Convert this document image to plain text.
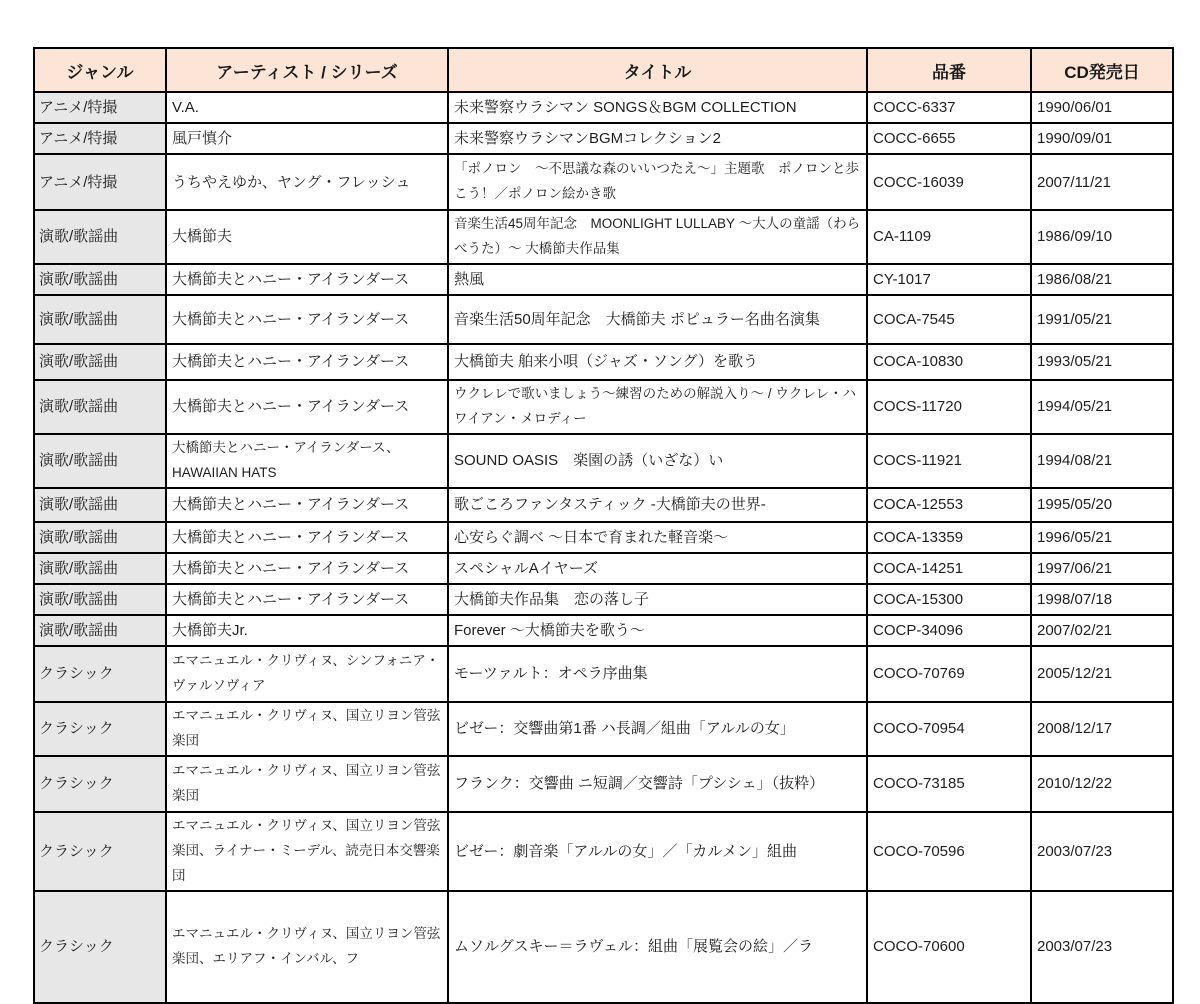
ジャンル	アーティスト / シリーズ	タイトル	品番	CD発売日
アニメ/特撮	V.A.	未来警察ウラシマン SONGS＆BGM COLLECTION	COCC-6337	1990/06/01
アニメ/特撮	風戸慎介	未来警察ウラシマンBGMコレクション2	COCC-6655	1990/09/01
アニメ/特撮	うちやえゆか、ヤング・フレッシュ	「ポノロン　～不思議な森のいいつたえ～」主題歌　ポノロンと歩こう！／ポノロン絵かき歌	COCC-16039	2007/11/21
演歌/歌謡曲	大橋節夫	音楽生活45周年記念　MOONLIGHT LULLABY ～大人の童謡（わらべうた）～ 大橋節夫作品集	CA-1109	1986/09/10
演歌/歌謡曲	大橋節夫とハニー・アイランダース	熱風	CY-1017	1986/08/21
演歌/歌謡曲	大橋節夫とハニー・アイランダース	音楽生活50周年記念　大橋節夫 ポピュラー名曲名演集	COCA-7545	1991/05/21
演歌/歌謡曲	大橋節夫とハニー・アイランダース	大橋節夫 舶来小唄（ジャズ・ソング）を歌う	COCA-10830	1993/05/21
演歌/歌謡曲	大橋節夫とハニー・アイランダース	ウクレレで歌いましょう～練習のための解説入り～ / ウクレレ・ハワイアン・メロディー	COCS-11720	1994/05/21
演歌/歌謡曲	大橋節夫とハニー・アイランダース、HAWAIIAN HATS	SOUND OASIS　楽園の誘（いざな）い	COCS-11921	1994/08/21
演歌/歌謡曲	大橋節夫とハニー・アイランダース	歌ごころファンタスティック -大橋節夫の世界-	COCA-12553	1995/05/20
演歌/歌謡曲	大橋節夫とハニー・アイランダース	心安らぐ調べ ～日本で育まれた軽音楽～	COCA-13359	1996/05/21
演歌/歌謡曲	大橋節夫とハニー・アイランダース	スペシャルAイヤーズ	COCA-14251	1997/06/21
演歌/歌謡曲	大橋節夫とハニー・アイランダース	大橋節夫作品集　恋の落し子	COCA-15300	1998/07/18
演歌/歌謡曲	大橋節夫Jr.	Forever ～大橋節夫を歌う～	COCP-34096	2007/02/21
クラシック	エマニュエル・クリヴィヌ、シンフォニア・ヴァルソヴィア	モーツァルト：オペラ序曲集	COCO-70769	2005/12/21
クラシック	エマニュエル・クリヴィヌ、国立リヨン管弦楽団	ビゼー：交響曲第1番 ハ長調／組曲「アルルの女」	COCO-70954	2008/12/17
クラシック	エマニュエル・クリヴィヌ、国立リヨン管弦楽団	フランク：交響曲 ニ短調／交響詩「プシシェ」（抜粋）	COCO-73185	2010/12/22
クラシック	エマニュエル・クリヴィヌ、国立リヨン管弦楽団、ライナー・ミーデル、読売日本交響楽団	ビゼー：劇音楽「アルルの女」／「カルメン」組曲	COCO-70596	2003/07/23
クラシック	エマニュエル・クリヴィヌ、国立リヨン管弦楽団、エリアフ・インバル、フ	ムソルグスキー＝ラヴェル：組曲「展覧会の絵」／ラ	COCO-70600	2003/07/23
